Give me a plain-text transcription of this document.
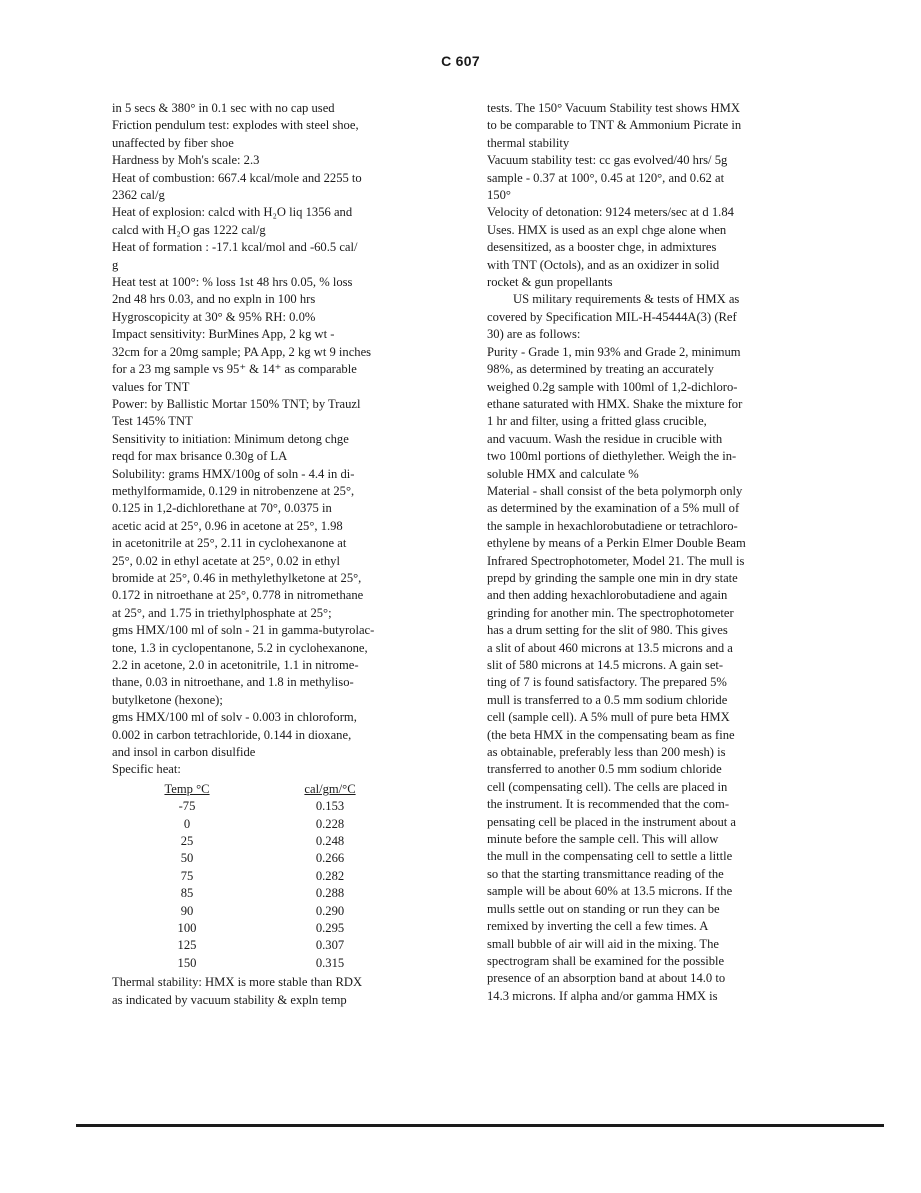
C 607
in 5 secs & 380° in 0.1 sec with no cap used
Friction pendulum test: explodes with steel shoe,
unaffected by fiber shoe
Hardness by Moh's scale: 2.3
Heat of combustion: 667.4 kcal/mole and 2255 to
2362 cal/g
Heat of explosion: calcd with H₂O liq 1356 and
calcd with H₂O gas 1222 cal/g
Heat of formation : -17.1 kcal/mol and -60.5 cal/
g
Heat test at 100°: % loss 1st 48 hrs 0.05, % loss
2nd 48 hrs 0.03, and no expln in 100 hrs
Hygroscopicity at 30° & 95% RH: 0.0%
Impact sensitivity: BurMines App, 2 kg wt -
32cm for a 20mg sample; PA App, 2 kg wt 9 inches
for a 23 mg sample vs 95⁺ & 14⁺ as comparable
values for TNT
Power: by Ballistic Mortar 150% TNT; by Trauzl
Test 145% TNT
Sensitivity to initiation: Minimum detong chge
reqd for max brisance 0.30g of LA
Solubility: grams HMX/100g of soln - 4.4 in di-
methylformamide, 0.129 in nitrobenzene at 25°,
0.125 in 1,2-dichlorethane at 70°, 0.0375 in
acetic acid at 25°, 0.96 in acetone at 25°, 1.98
in acetonitrile at 25°, 2.11 in cyclohexanone at
25°, 0.02 in ethyl acetate at 25°, 0.02 in ethyl
bromide at 25°, 0.46 in methylethylketone at 25°,
0.172 in nitroethane at 25°, 0.778 in nitromethane
at 25°, and 1.75 in triethylphosphate at 25°;
gms HMX/100 ml of soln - 21 in gamma-butyrolac-
tone, 1.3 in cyclopentanone, 5.2 in cyclohexanone,
2.2 in acetone, 2.0 in acetonitrile, 1.1 in nitrome-
thane, 0.03 in nitroethane, and 1.8 in methyliso-
butylketone (hexone);
gms HMX/100 ml of solv - 0.003 in chloroform,
0.002 in carbon tetrachloride, 0.144 in dioxane,
and insol in carbon disulfide
Specific heat:
Temp °C	cal/gm/°C
-75	0.153
0	0.228
25	0.248
50	0.266
75	0.282
85	0.288
90	0.290
100	0.295
125	0.307
150	0.315
Thermal stability: HMX is more stable than RDX
as indicated by vacuum stability & expln temp
tests. The 150° Vacuum Stability test shows HMX
to be comparable to TNT & Ammonium Picrate in
thermal stability
Vacuum stability test: cc gas evolved/40 hrs/ 5g
sample - 0.37 at 100°, 0.45 at 120°, and 0.62 at
150°
Velocity of detonation: 9124 meters/sec at d 1.84
Uses. HMX is used as an expl chge alone when
desensitized, as a booster chge, in admixtures
with TNT (Octols), and as an oxidizer in solid
rocket & gun propellants
US military requirements & tests of HMX as
covered by Specification MIL-H-45444A(3) (Ref
30) are as follows:
Purity - Grade 1, min 93% and Grade 2, minimum
98%, as determined by treating an accurately
weighed 0.2g sample with 100ml of 1,2-dichloro-
ethane saturated with HMX. Shake the mixture for
1 hr and filter, using a fritted glass crucible,
and vacuum. Wash the residue in crucible with
two 100ml portions of diethylether. Weigh the in-
soluble HMX and calculate %
Material - shall consist of the beta polymorph only
as determined by the examination of a 5% mull of
the sample in hexachlorobutadiene or tetrachloro-
ethylene by means of a Perkin Elmer Double Beam
Infrared Spectrophotometer, Model 21. The mull is
prepd by grinding the sample one min in dry state
and then adding hexachlorobutadiene and again
grinding for another min. The spectrophotometer
has a drum setting for the slit of 980. This gives
a slit of about 460 microns at 13.5 microns and a
slit of 580 microns at 14.5 microns. A gain set-
ting of 7 is found satisfactory. The prepared 5%
mull is transferred to a 0.5 mm sodium chloride
cell (sample cell). A 5% mull of pure beta HMX
(the beta HMX in the compensating beam as fine
as obtainable, preferably less than 200 mesh) is
transferred to another 0.5 mm sodium chloride
cell (compensating cell). The cells are placed in
the instrument. It is recommended that the com-
pensating cell be placed in the instrument about a
minute before the sample cell. This will allow
the mull in the compensating cell to settle a little
so that the starting transmittance reading of the
sample will be about 60% at 13.5 microns. If the
mulls settle out on standing or run they can be
remixed by inverting the cell a few times. A
small bubble of air will aid in the mixing. The
spectrogram shall be examined for the possible
presence of an absorption band at about 14.0 to
14.3 microns. If alpha and/or gamma HMX is
